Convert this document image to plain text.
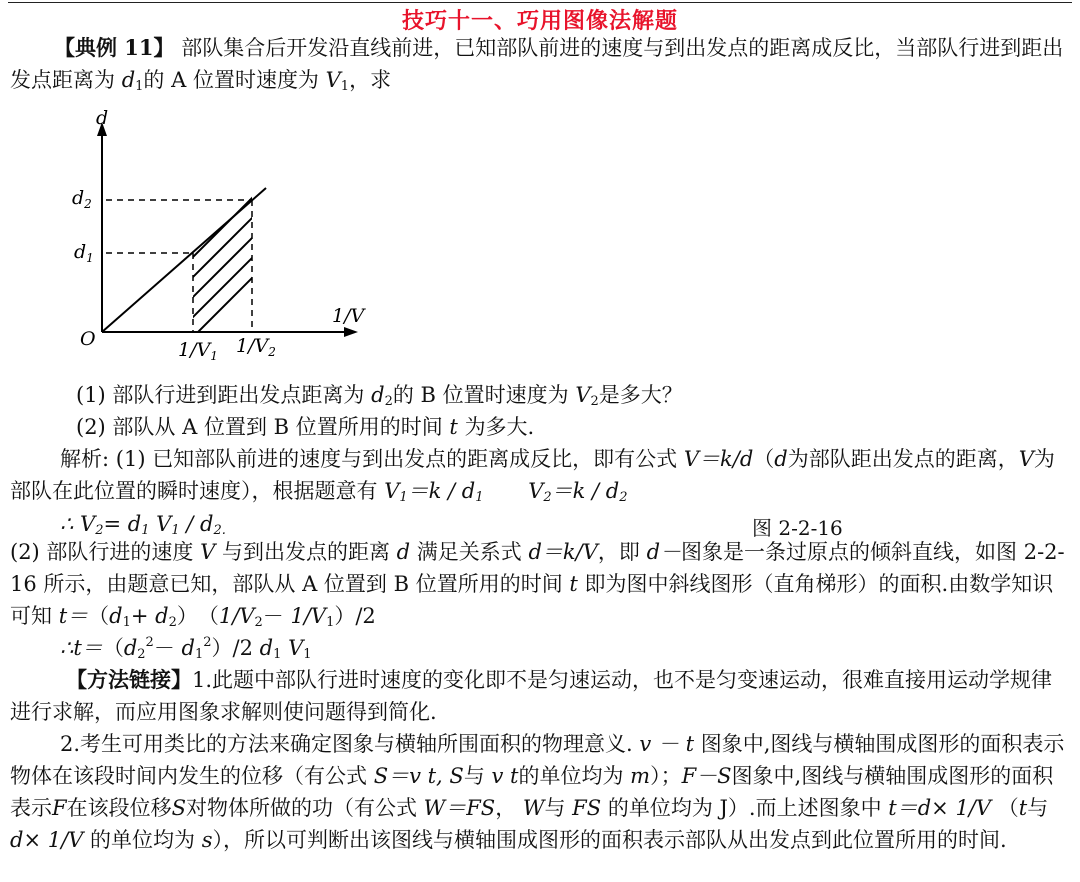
技巧十一、巧用图像法解题
【典例 11】 部队集合后开发沿直线前进，已知部队前进的速度与到出发点的距离成反比，当部队行进到距出发点距离为 $d_1$的 A 位置时速度为 $V_1$，求
d
1/V
O
$d_2$
$d_1$
$1/V_1$ $1/V_2$
(1) 部队行进到距出发点距离为 $d_2$的 B 位置时速度为 $V_2$是多大？
(2) 部队从 A 位置到 B 位置所用的时间 t 为多大.
解析: (1) 已知部队前进的速度与到出发点的距离成反比，即有公式 V＝k/d（d为部队距出发点的距离，V为部队在此位置的瞬时速度），根据题意有 $V_1=k / d_1$ $V_2=k / d_2$
∴ $V_2= d_1$ $V_1 / d_{2.}$	图 2-2-16
(2) 部队行进的速度 V 与到出发点的距离 d 满足关系式 d＝k/V，即 d－图象是一条过原点的倾斜直线，如图 2-2-16 所示，由题意已知，部队从 A 位置到 B 位置所用的时间 t 即为图中斜线图形（直角梯形）的面积.由数学知识可知 $t=(d_1+ d_2)$　$(1/V_2- 1/V_1)/2$
$\therefore t=(d_2^2- d_1^2)/2$ $d_1$ $V_1$
【方法链接】1.此题中部队行进时速度的变化即不是匀速运动，也不是匀变速运动，很难直接用运动学规律进行求解，而应用图象求解则使问题得到简化.
2.考生可用类比的方法来确定图象与横轴所围面积的物理意义. v － t 图象中,图线与横轴围成图形的面积表示物体在该段时间内发生的位移（有公式 S＝v t, S与 v t的单位均为 m）；F－S图象中,图线与横轴围成图形的面积表示F在该段位移S对物体所做的功（有公式 W＝FS， W与 FS 的单位均为 J）.而上述图象中 t＝d× 1/V （t与 d× 1/V 的单位均为 s），所以可判断出该图线与横轴围成图形的面积表示部队从出发点到此位置所用的时间.
